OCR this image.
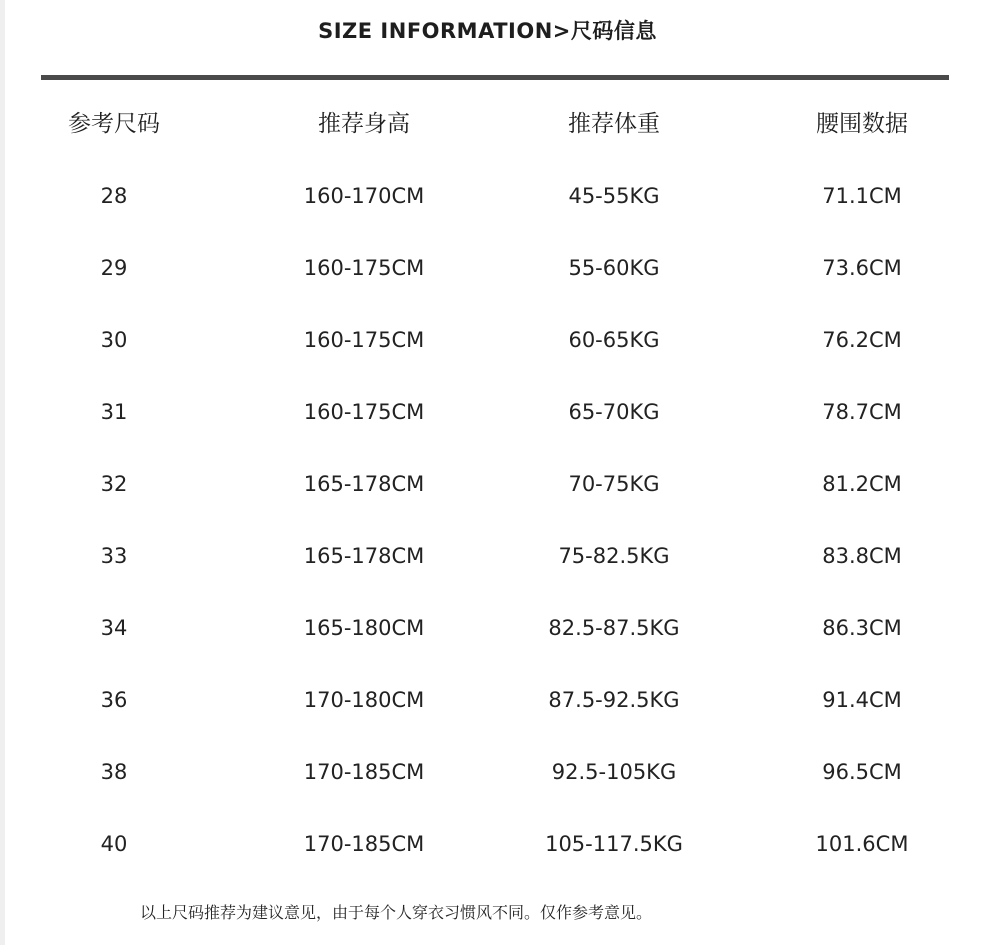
SIZE INFORMATION>尺码信息
参考尺码	推荐身高	推荐体重	腰围数据
28	160-170CM	45-55KG	71.1CM
29	160-175CM	55-60KG	73.6CM
30	160-175CM	60-65KG	76.2CM
31	160-175CM	65-70KG	78.7CM
32	165-178CM	70-75KG	81.2CM
33	165-178CM	75-82.5KG	83.8CM
34	165-180CM	82.5-87.5KG	86.3CM
36	170-180CM	87.5-92.5KG	91.4CM
38	170-185CM	92.5-105KG	96.5CM
40	170-185CM	105-117.5KG	101.6CM
以上尺码推荐为建议意见，由于每个人穿衣习惯风不同。仅作参考意见。
